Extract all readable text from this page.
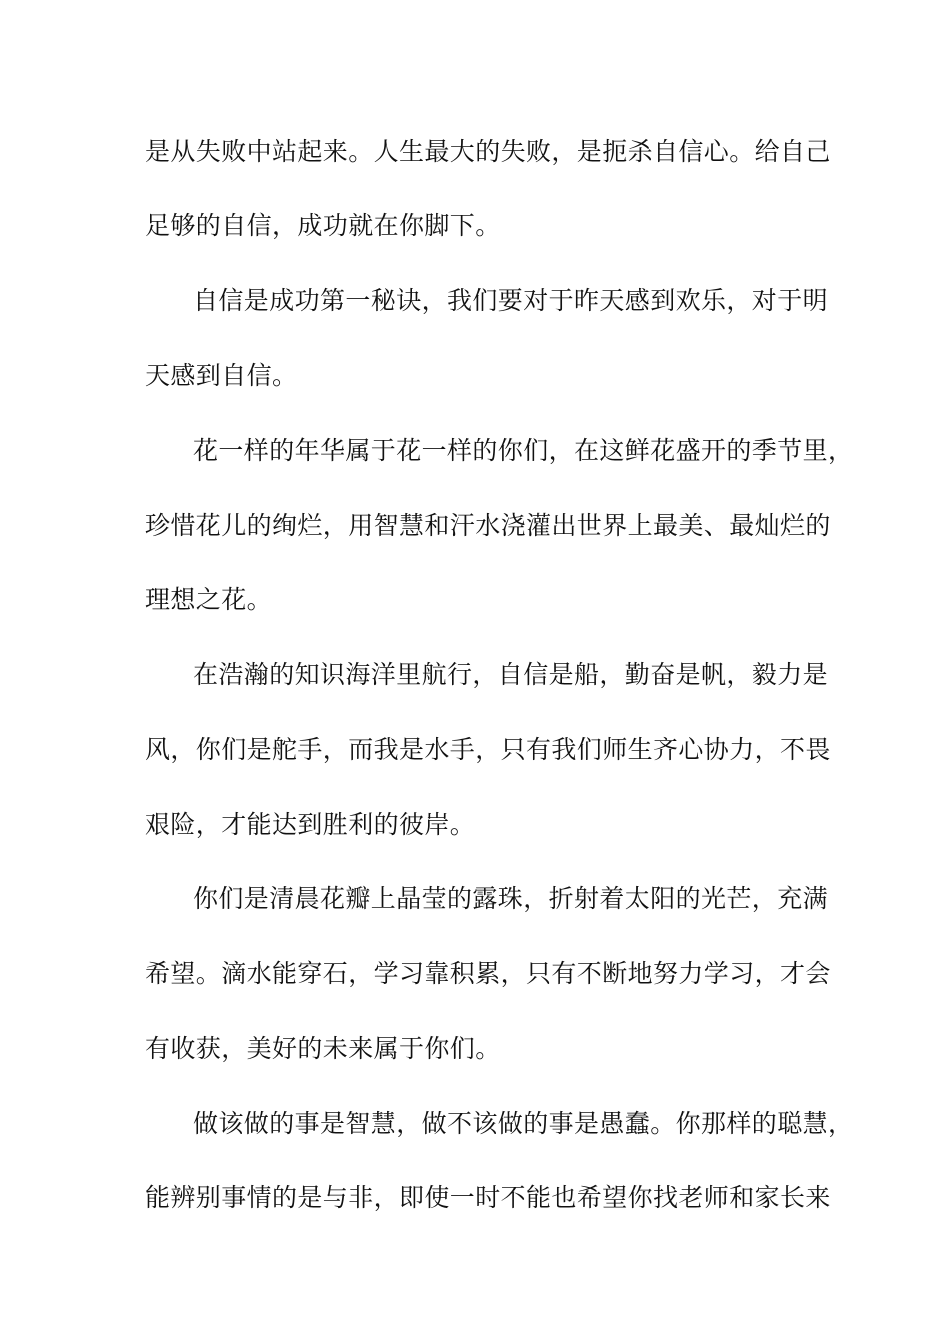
是从失败中站起来。人生最大的失败，是扼杀自信心。给自己
足够的自信，成功就在你脚下。
自信是成功第一秘诀，我们要对于昨天感到欢乐，对于明
天感到自信。
花一样的年华属于花一样的你们，在这鲜花盛开的季节里，
珍惜花儿的绚烂，用智慧和汗水浇灌出世界上最美、最灿烂的
理想之花。
在浩瀚的知识海洋里航行，自信是船，勤奋是帆，毅力是
风，你们是舵手，而我是水手，只有我们师生齐心协力，不畏
艰险，才能达到胜利的彼岸。
你们是清晨花瓣上晶莹的露珠，折射着太阳的光芒，充满
希望。滴水能穿石，学习靠积累，只有不断地努力学习，才会
有收获，美好的未来属于你们。
做该做的事是智慧，做不该做的事是愚蠢。你那样的聪慧，
能辨别事情的是与非，即使一时不能也希望你找老师和家长来
